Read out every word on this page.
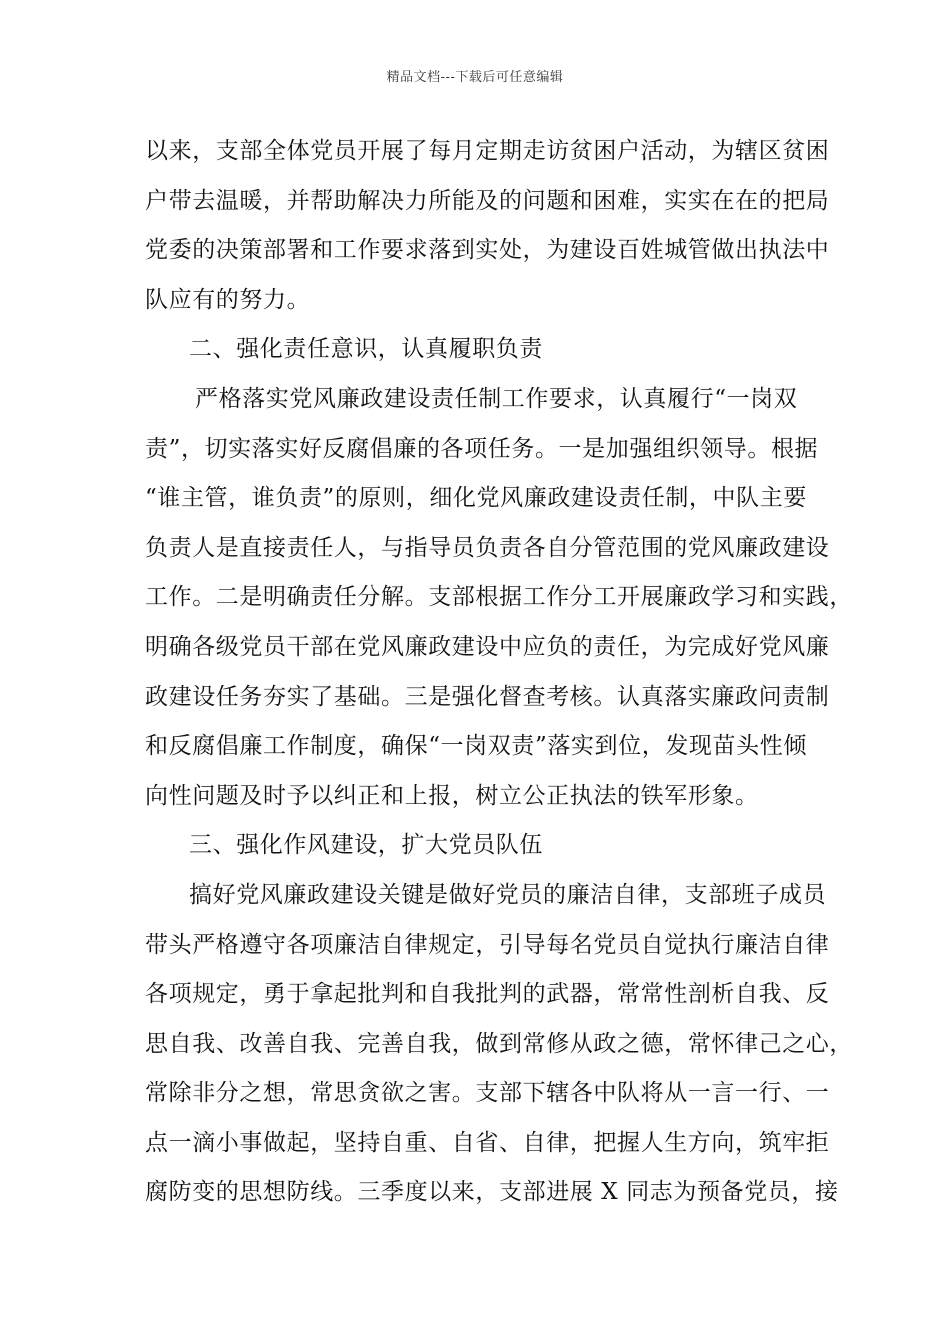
精品文档---下载后可任意编辑
以来，支部全体党员开展了每月定期走访贫困户活动，为辖区贫困
户带去温暖，并帮助解决力所能及的问题和困难，实实在在的把局
党委的决策部署和工作要求落到实处，为建设百姓城管做出执法中
队应有的努力。
二、强化责任意识，认真履职负责
严格落实党风廉政建设责任制工作要求，认真履行“一岗双
责”，切实落实好反腐倡廉的各项任务。一是加强组织领导。根据
“谁主管，谁负责”的原则，细化党风廉政建设责任制，中队主要
负责人是直接责任人，与指导员负责各自分管范围的党风廉政建设
工作。二是明确责任分解。支部根据工作分工开展廉政学习和实践，
明确各级党员干部在党风廉政建设中应负的责任，为完成好党风廉
政建设任务夯实了基础。三是强化督查考核。认真落实廉政问责制
和反腐倡廉工作制度，确保“一岗双责”落实到位，发现苗头性倾
向性问题及时予以纠正和上报，树立公正执法的铁军形象。
三、强化作风建设，扩大党员队伍
搞好党风廉政建设关键是做好党员的廉洁自律，支部班子成员
带头严格遵守各项廉洁自律规定，引导每名党员自觉执行廉洁自律
各项规定，勇于拿起批判和自我批判的武器，常常性剖析自我、反
思自我、改善自我、完善自我，做到常修从政之德，常怀律己之心，
常除非分之想，常思贪欲之害。支部下辖各中队将从一言一行、一
点一滴小事做起，坚持自重、自省、自律，把握人生方向，筑牢拒
腐防变的思想防线。三季度以来，支部进展 X 同志为预备党员，接
